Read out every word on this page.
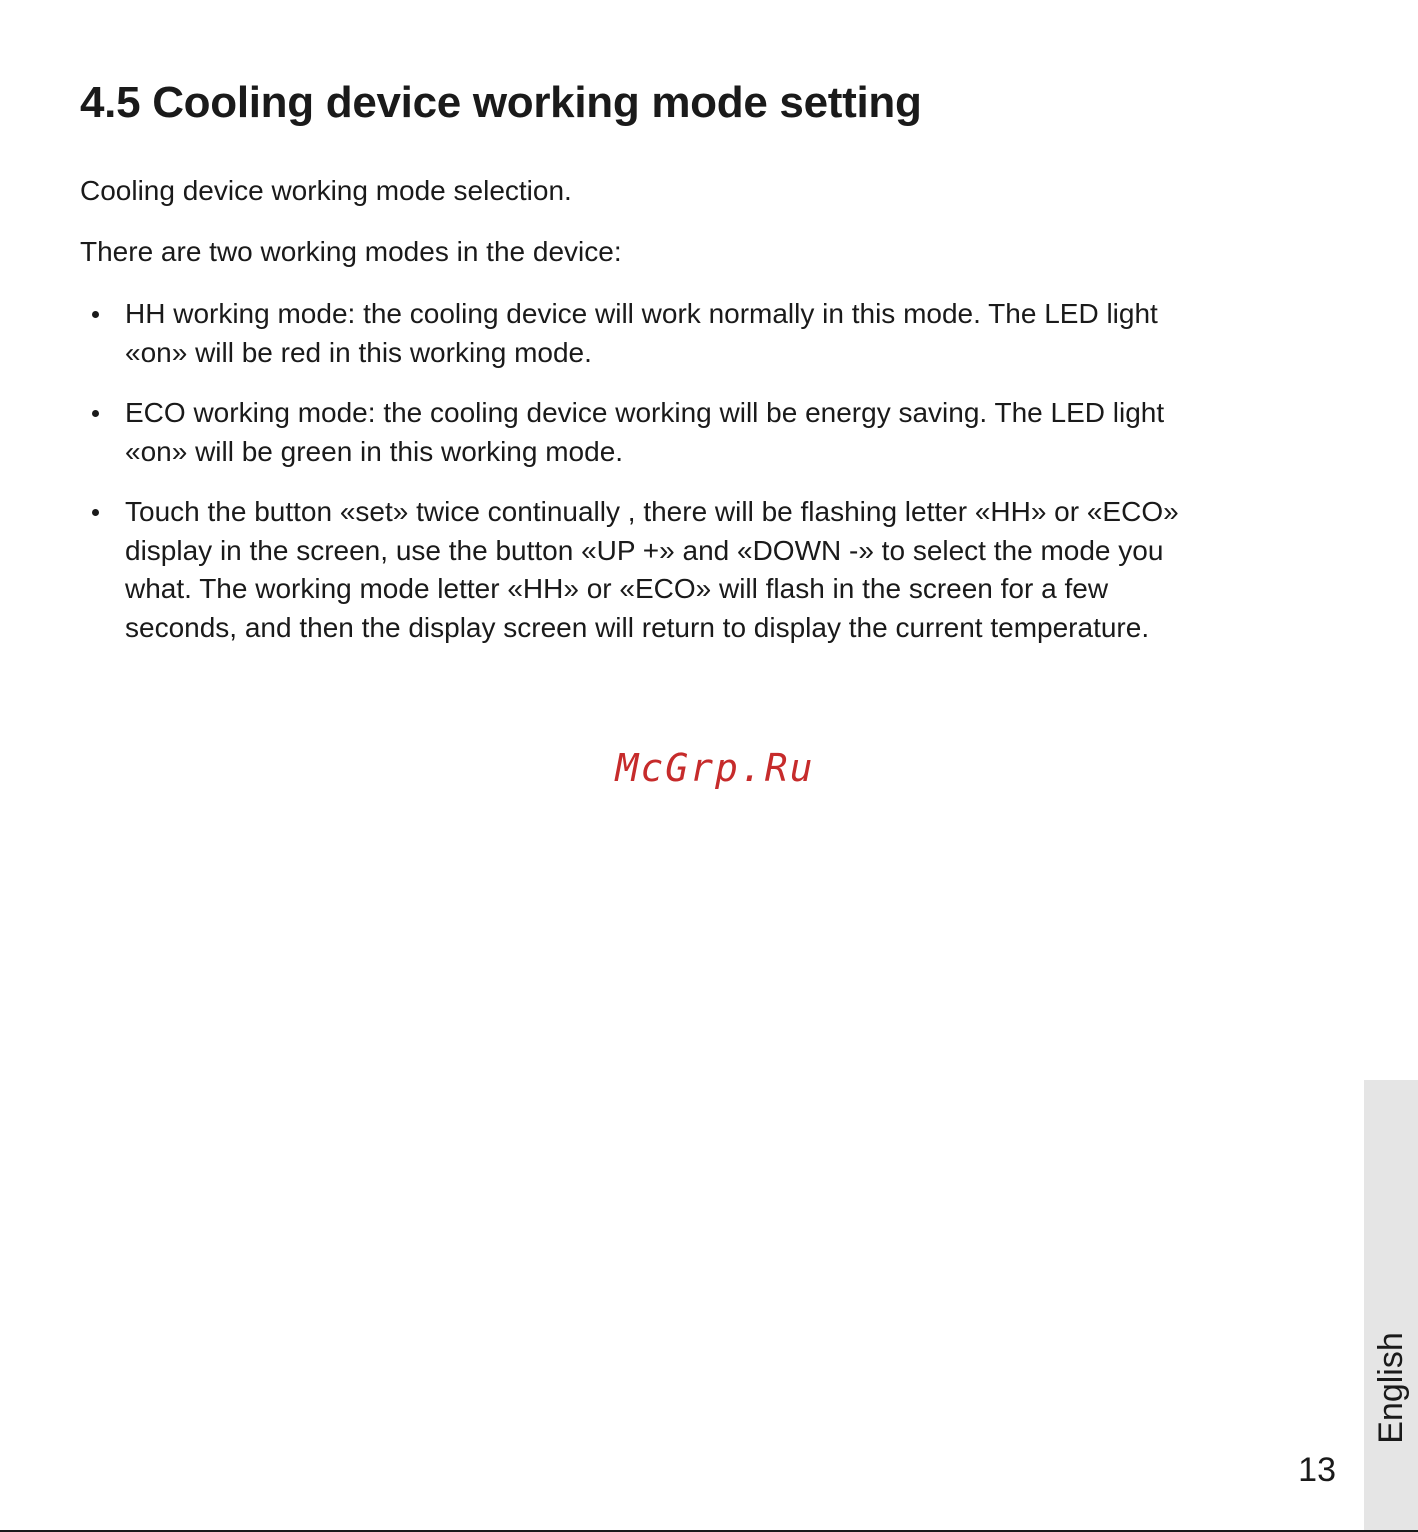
4.5 Cooling device working mode setting

Cooling device working mode selection.

There are two working modes in the device:

HH working mode: the cooling device will work normally in this mode. The LED light
«on» will be red in this working mode.
ECO working mode: the cooling device working will be energy saving. The LED light
«on» will be green in this working mode.
Touch the button «set» twice continually , there will be flashing letter «HH» or «ECO»
display in the screen, use the button «UP +» and «DOWN -» to select the mode you
what. The working mode letter «HH» or «ECO» will flash in the screen for a few
seconds, and then the display screen will return to display the current temperature.
McGrp.Ru
English
13
